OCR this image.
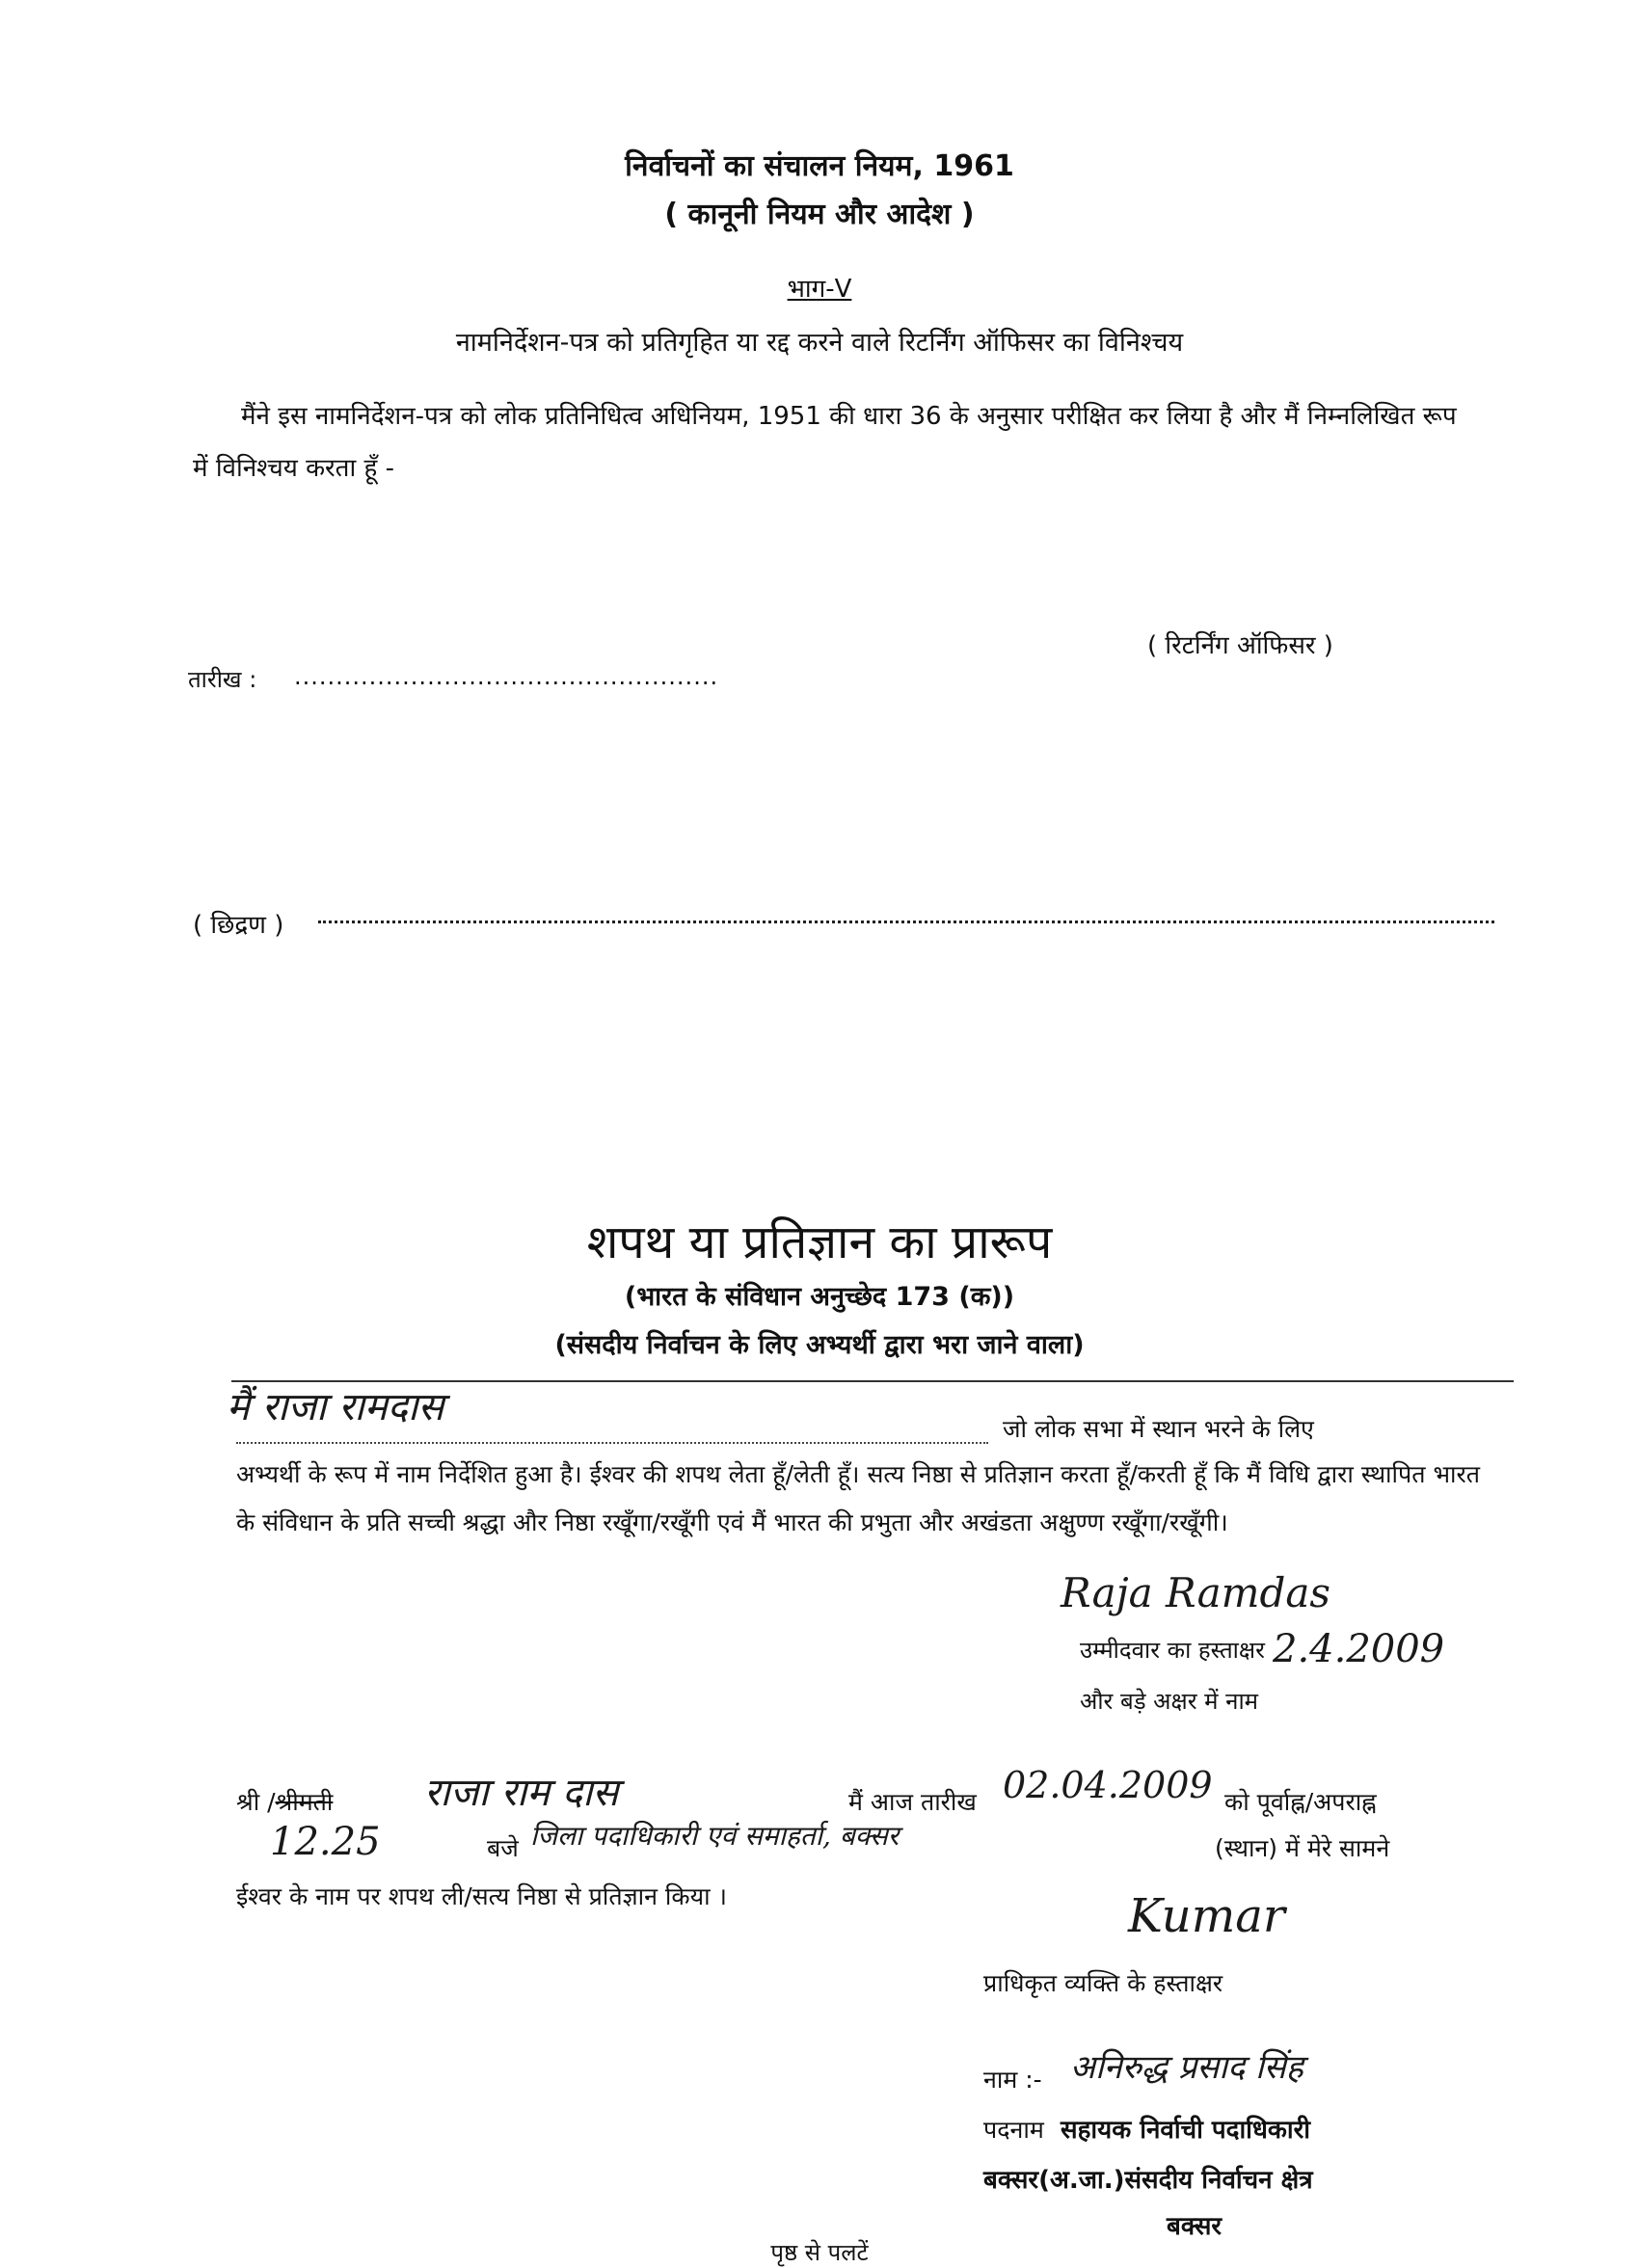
निर्वाचनों का संचालन नियम, 1961
( कानूनी नियम और आदेश )
भाग-V
नामनिर्देशन-पत्र को प्रतिगृहित या रद्द करने वाले रिटर्निंग ऑफिसर का विनिश्चय
मैंने इस नामनिर्देशन-पत्र को लोक प्रतिनिधित्व अधिनियम, 1951 की धारा 36 के अनुसार परीक्षित कर लिया है और मैं निम्नलिखित रूप में विनिश्चय करता हूँ -
( रिटर्निंग ऑफिसर )
तारीख : ...................................................
( छिद्रण )
शपथ या प्रतिज्ञान का प्रारूप
(भारत के संविधान अनुच्छेद 173 (क))
(संसदीय निर्वाचन के लिए अभ्यर्थी द्वारा भरा जाने वाला)
मैं राजा रामदास	जो लोक सभा में स्थान भरने के लिए
अभ्यर्थी के रूप में नाम निर्देशित हुआ है। ईश्वर की शपथ लेता हूँ/लेती हूँ। सत्य निष्ठा से प्रतिज्ञान करता हूँ/करती हूँ कि मैं विधि द्वारा स्थापित भारत के संविधान के प्रति सच्ची श्रद्धा और निष्ठा रखूँगा/रखूँगी एवं मैं भारत की प्रभुता और अखंडता अक्षुण्ण रखूँगा/रखूँगी।
Raja Ramdas
उम्मीदवार का हस्ताक्षर 2.4.2009
और बड़े अक्षर में नाम
श्री /श्रीमती राजा राम दास	मैं आज तारीख 02.04.2009 को पूर्वाह्न/अपराह्न
12.25	बजे जिला पदाधिकारी एवं समाहर्ता, बक्सर	(स्थान) में मेरे सामने
ईश्वर के नाम पर शपथ ली/सत्य निष्ठा से प्रतिज्ञान किया ।	Kumar
प्राधिकृत व्यक्ति के हस्ताक्षर
नाम :- अनिरुद्ध प्रसाद सिंह
पदनाम सहायक निर्वाची पदाधिकारी
बक्सर(अ.जा.)संसदीय निर्वाचन क्षेत्र
बक्सर
पृष्ठ से पलटें
